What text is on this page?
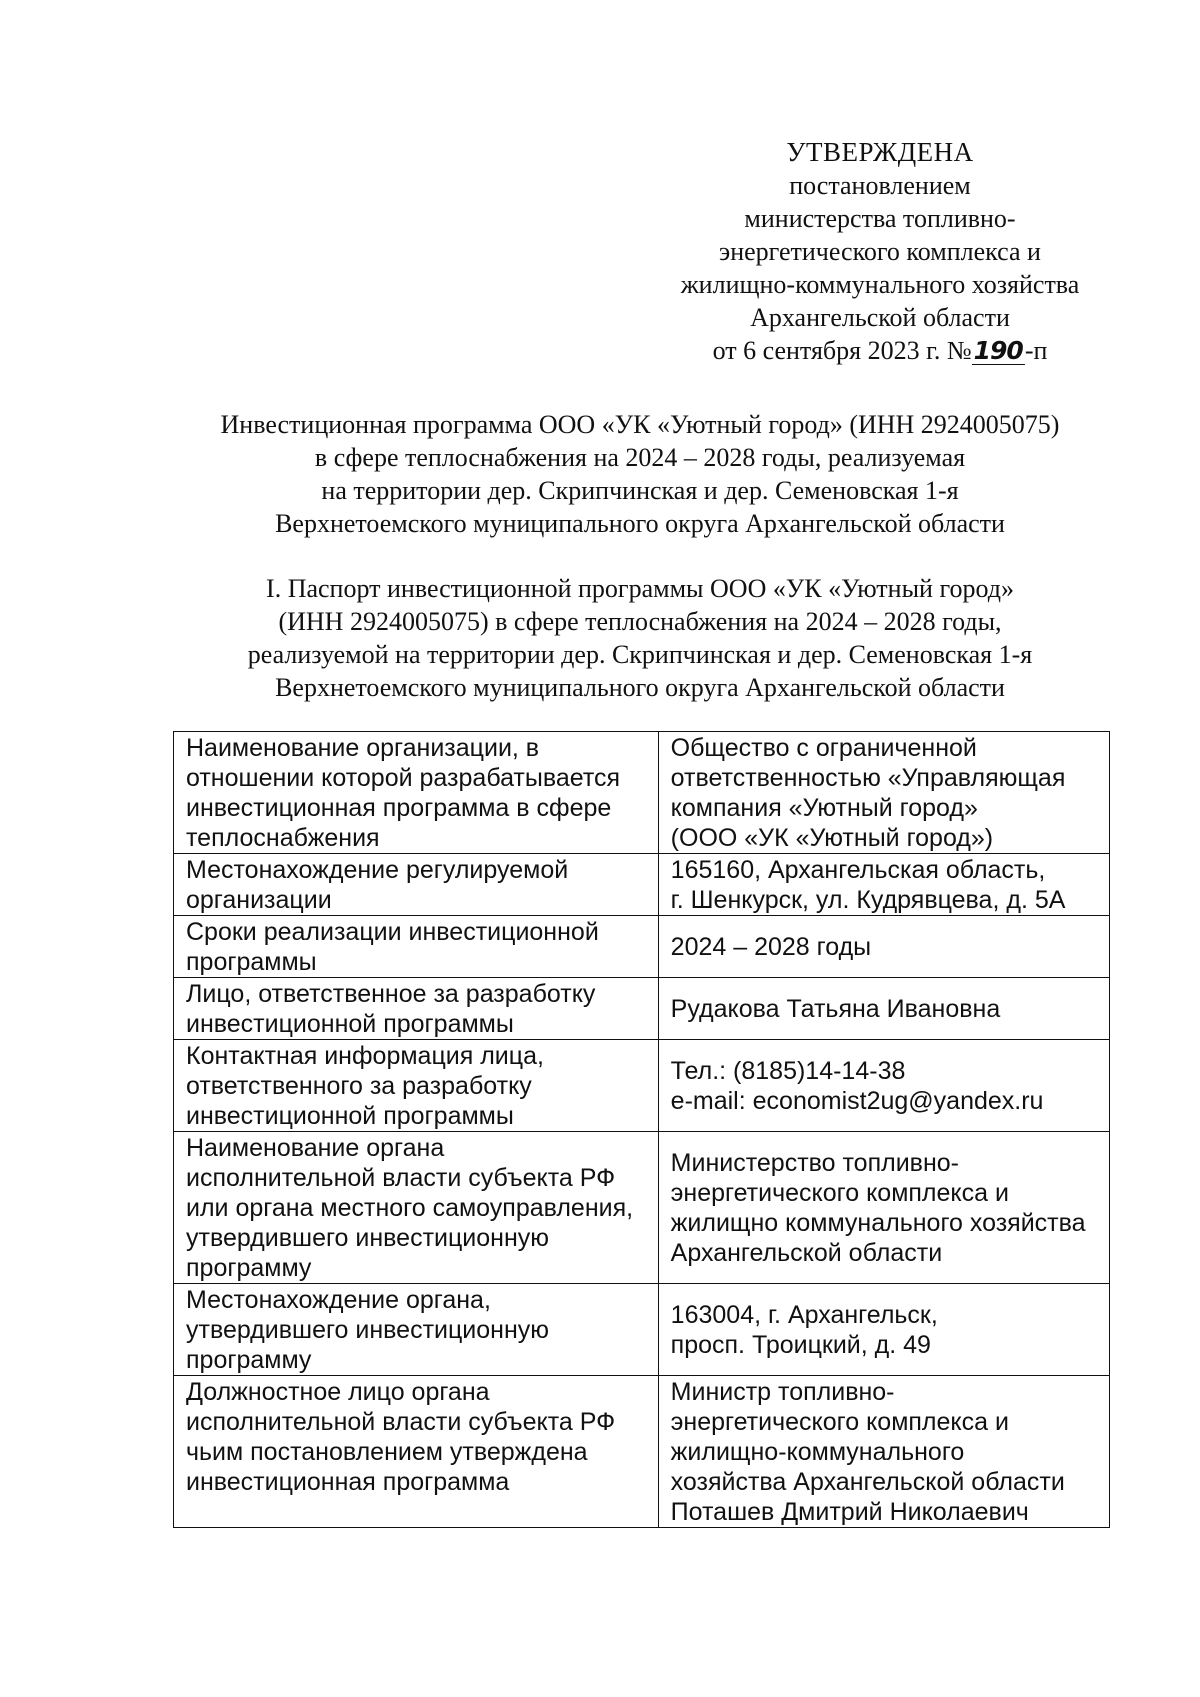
УТВЕРЖДЕНА
постановлением
министерства топливно-
энергетического комплекса и
жилищно-коммунального хозяйства
Архангельской области
от 6 сентября 2023 г. №190-п
Инвестиционная программа ООО «УК «Уютный город» (ИНН 2924005075)
в сфере теплоснабжения на 2024 – 2028 годы, реализуемая
на территории дер. Скрипчинская и дер. Семеновская 1-я
Верхнетоемского муниципального округа Архангельской области
I. Паспорт инвестиционной программы ООО «УК «Уютный город»
(ИНН 2924005075) в сфере теплоснабжения на 2024 – 2028 годы,
реализуемой на территории дер. Скрипчинская и дер. Семеновская 1-я
Верхнетоемского муниципального округа Архангельской области
Наименование организации, в
отношении которой разрабатывается
инвестиционная программа в сфере
теплоснабжения	Общество с ограниченной
ответственностью «Управляющая
компания «Уютный город»
(ООО «УК «Уютный город»)

Местонахождение регулируемой
организации	165160, Архангельская область,
г. Шенкурск, ул. Кудрявцева, д. 5А

Сроки реализации инвестиционной
программы	2024 – 2028 годы

Лицо, ответственное за разработку
инвестиционной программы	Рудакова Татьяна Ивановна

Контактная информация лица,
ответственного за разработку
инвестиционной программы	Тел.: (8185)14-14-38
e-mail: economist2ug@yandex.ru

Наименование органа
исполнительной власти субъекта РФ
или органа местного самоуправления,
утвердившего инвестиционную
программу	Министерство топливно-
энергетического комплекса и
жилищно коммунального хозяйства
Архангельской области

Местонахождение органа,
утвердившего инвестиционную
программу	163004, г. Архангельск,
просп. Троицкий, д. 49

Должностное лицо органа
исполнительной власти субъекта РФ
чьим постановлением утверждена
инвестиционная программа	Министр топливно-
энергетического комплекса и
жилищно-коммунального
хозяйства Архангельской области
Поташев Дмитрий Николаевич
